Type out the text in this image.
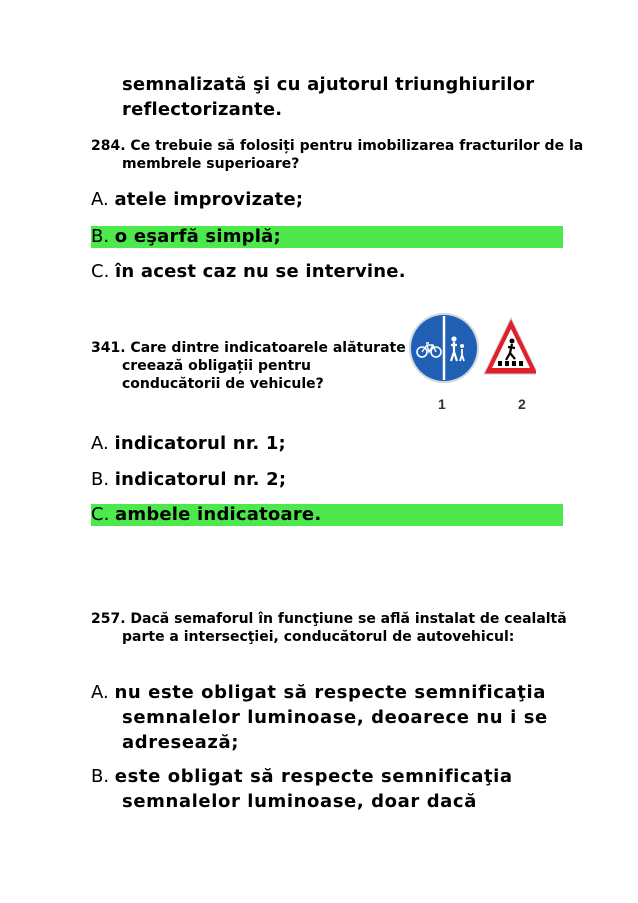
semnalizată şi cu ajutorul triunghiurilor
reflectorizante.
284. Ce trebuie să folosiți pentru imobilizarea fracturilor de la membrele superioare?
A. atele improvizate;
B. o eşarfă simplă;
C. în acest caz nu se intervine.
341. Care dintre indicatoarele alăturate creează obligații pentru conducătorii de vehicule?
1	2
A. indicatorul nr. 1;
B. indicatorul nr. 2;
C. ambele indicatoare.
257. Dacă semaforul în funcţiune se află instalat de cealaltă parte a intersecţiei, conducătorul de autovehicul:
A. nu este obligat să respecte semnificaţia semnalelor luminoase, deoarece nu i se adresează;
B. este obligat să respecte semnificaţia semnalelor luminoase, doar dacă
